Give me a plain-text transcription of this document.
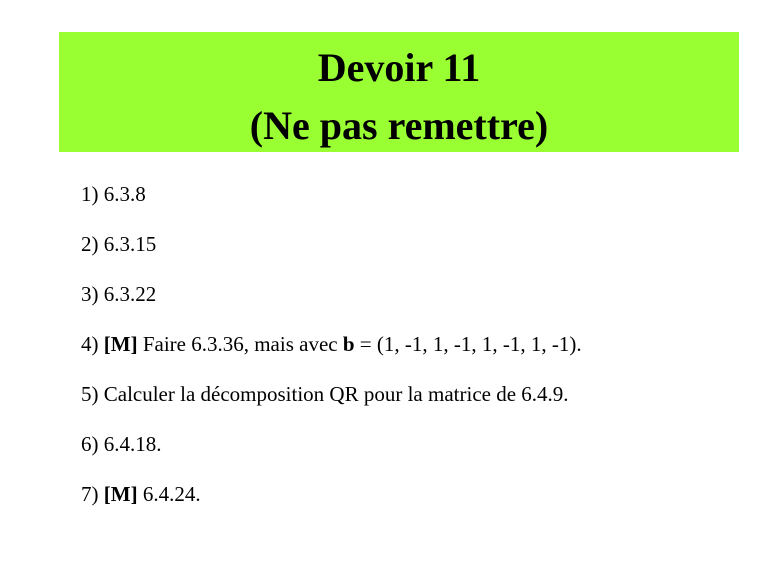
Devoir 11
(Ne pas remettre)
1) 6.3.8
2) 6.3.15
3) 6.3.22
4) [M] Faire 6.3.36, mais avec b = (1, -1, 1, -1, 1, -1, 1, -1).
5) Calculer la décomposition QR pour la matrice de 6.4.9.
6) 6.4.18.
7) [M] 6.4.24.
